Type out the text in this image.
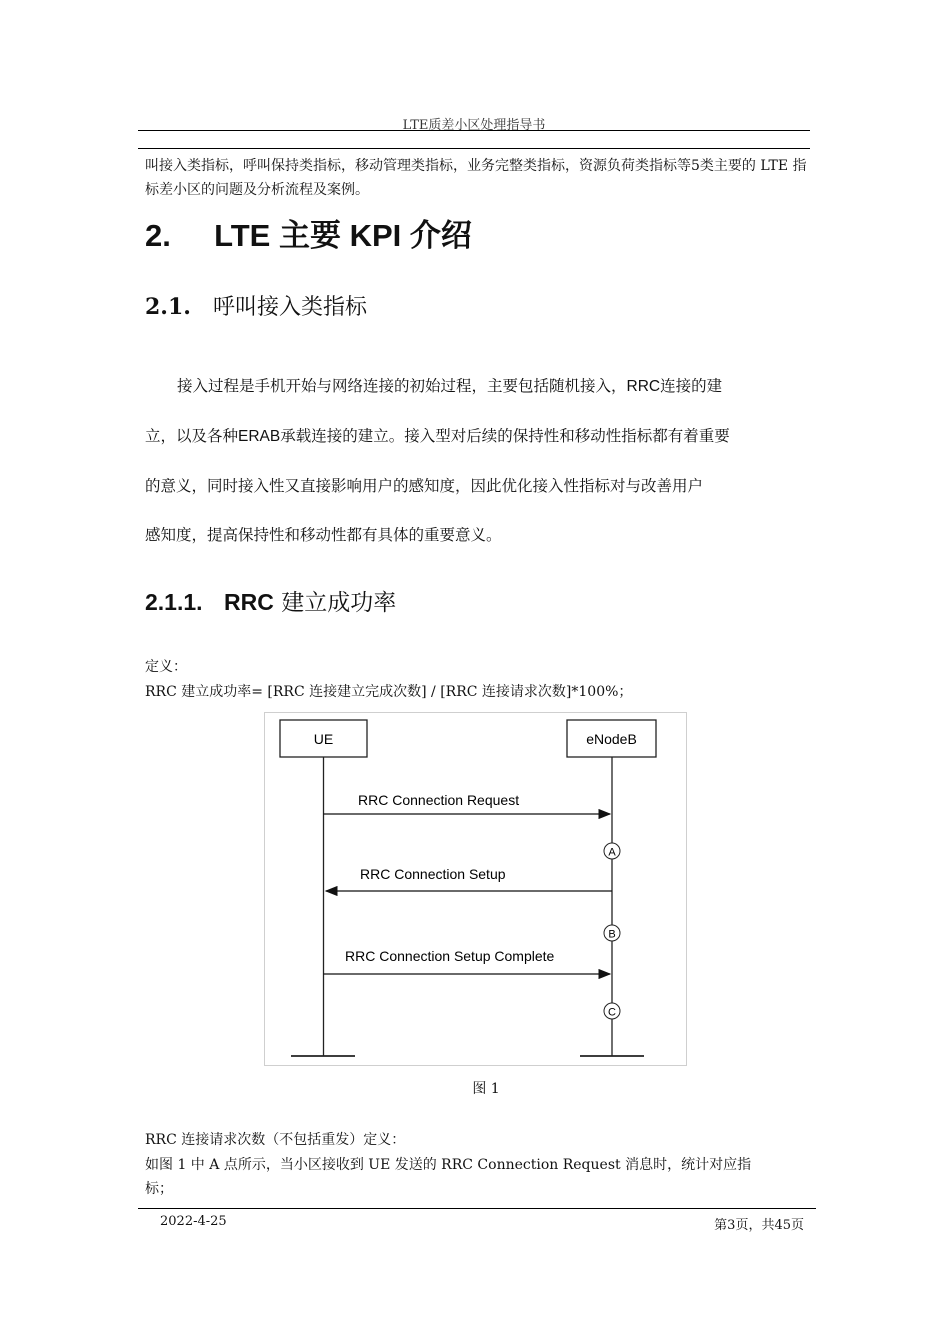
LTE质差小区处理指导书
叫接入类指标，呼叫保持类指标，移动管理类指标，业务完整类指标，资源负荷类指标等5类主要的 LTE 指标差小区的问题及分析流程及案例。
2. LTE 主要 KPI 介绍
2.1. 呼叫接入类指标
接入过程是手机开始与网络连接的初始过程，主要包括随机接入，RRC连接的建
立，以及各种ERAB承载连接的建立。接入型对后续的保持性和移动性指标都有着重要
的意义，同时接入性又直接影响用户的感知度，因此优化接入性指标对与改善用户
感知度，提高保持性和移动性都有具体的重要意义。
2.1.1. RRC 建立成功率
定义：
RRC 建立成功率= [RRC 连接建立完成次数] / [RRC 连接请求次数]*100%；
UE	eNodeB
RRC Connection Request
A
RRC Connection Setup
B
RRC Connection Setup Complete
C
图 1
RRC 连接请求次数（不包括重发）定义：
如图 1 中 A 点所示，当小区接收到 UE 发送的 RRC Connection Request 消息时，统计对应指
标；
2022-4-25	第3页，共45页
